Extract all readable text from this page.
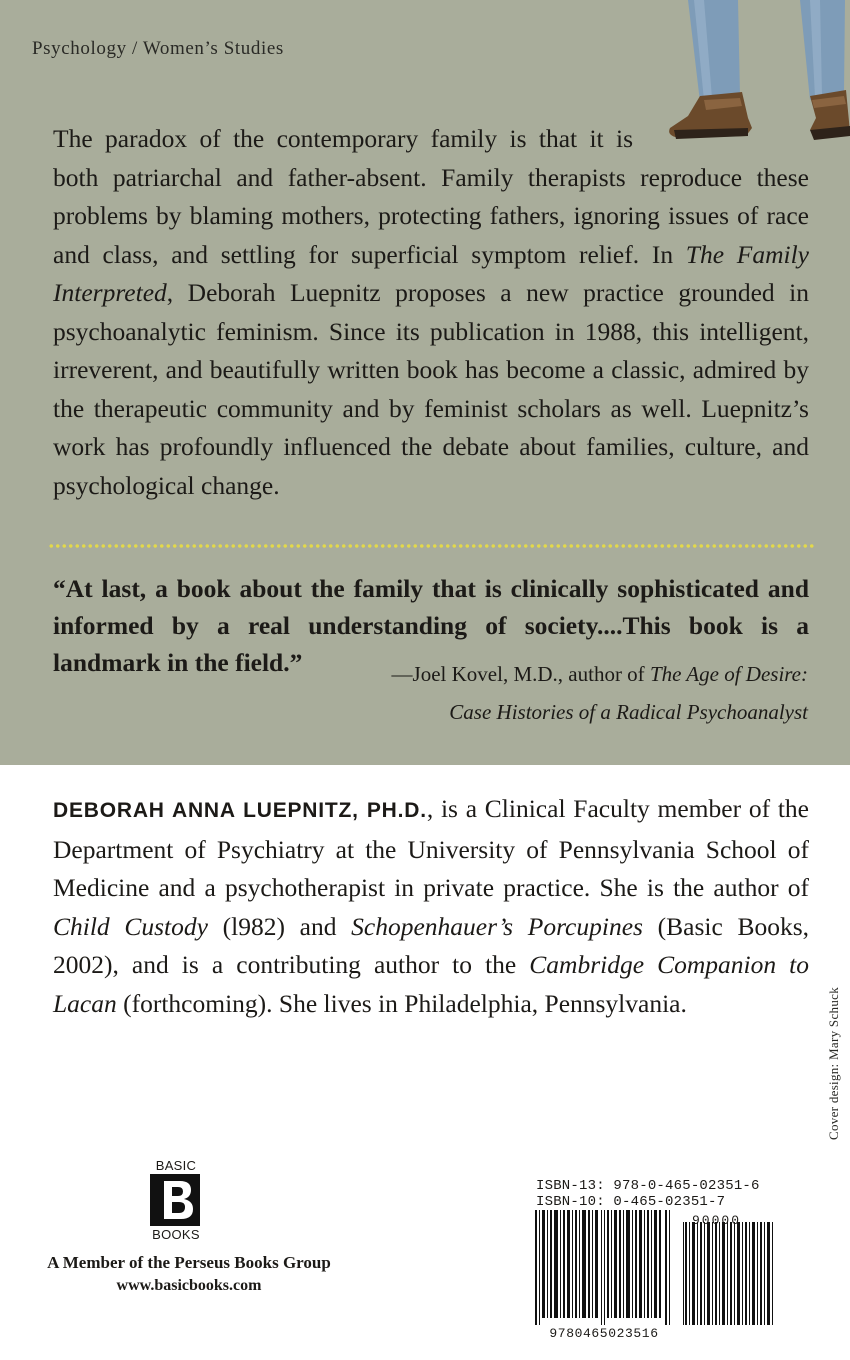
Psychology / Women’s Studies

The paradox of the contemporary family is that it is
both patriarchal and father-absent. Family therapists reproduce these problems by blaming mothers, protecting fathers, ignoring issues of race and class, and settling for superficial symptom relief. In The Family Interpreted, Deborah Luepnitz proposes a new practice grounded in psychoanalytic feminism. Since its publication in 1988, this intelligent, irreverent, and beautifully written book has become a classic, admired by the therapeutic community and by feminist scholars as well. Luepnitz’s work has profoundly influenced the debate about families, culture, and psychological change.

“At last, a book about the family that is clinically sophisticated and informed by a real understanding of society....This book is a landmark in the field.”	—Joel Kovel, M.D., author of The Age of Desire:
Case Histories of a Radical Psychoanalyst
DEBORAH ANNA LUEPNITZ, PH.D., is a Clinical Faculty member of the Department of Psychiatry at the University of Pennsylvania School of Medicine and a psychotherapist in private practice. She is the author of Child Custody (l982) and Schopenhauer’s Porcupines (Basic Books, 2002), and is a contributing author to the Cambridge Companion to Lacan (forthcoming). She lives in Philadelphia, Pennsylvania.	Cover design: Mary Schuck
BASIC
BOOKS
A Member of the Perseus Books Group
www.basicbooks.com
ISBN-13: 978-0-465-02351-6
ISBN-10: 0-465-02351-7
90000
9780465023516
